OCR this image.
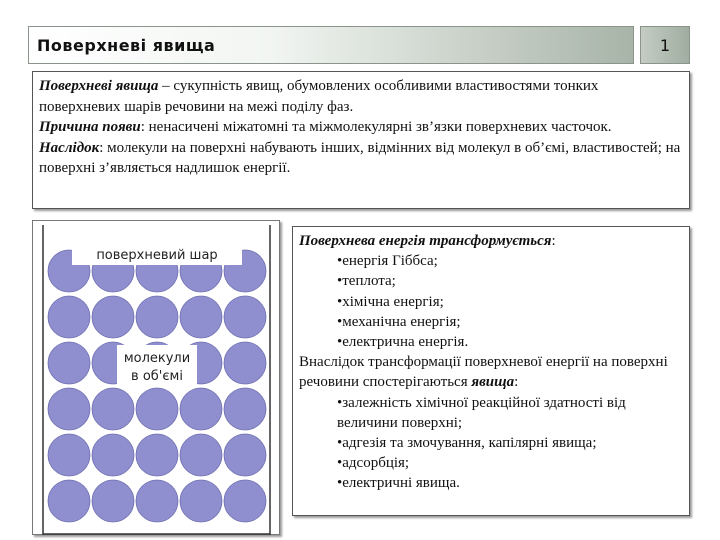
Поверхневі явища	1

Поверхневі явища – сукупність явищ, обумовлених особливими властивостями тонких поверхневих шарів речовини на межі поділу фаз.

Причина появи: ненасичені міжатомні та міжмолекулярні зв’язки поверхневих часточок.

Наслідок: молекули на поверхні набувають інших, відмінних від молекул в об’ємі, властивостей; на поверхні з’являється надлишок енергії.

поверхневий шар
молекули
в об'ємі

Поверхнева енергія трансформується:

•енергія Гіббса;

•теплота;

•хімічна енергія;

•механічна енергія;

•електрична енергія.

Внаслідок трансформації поверхневої енергії на поверхні речовини спостерігаються явища:

•залежність хімічної реакційної здатності від величини поверхні;

•адгезія та змочування, капілярні явища;

•адсорбція;

•електричні явища.
